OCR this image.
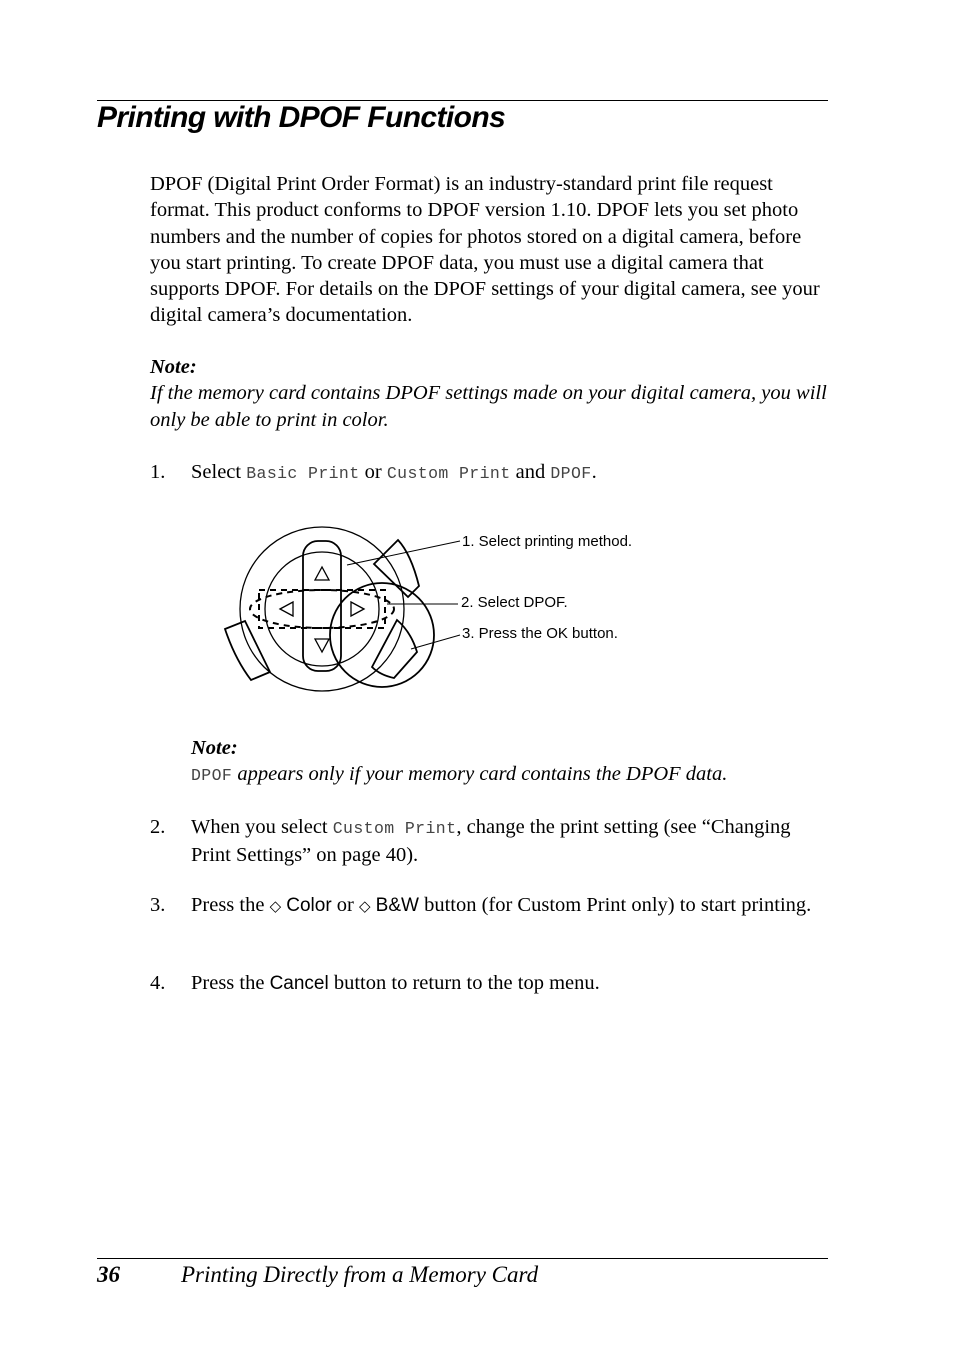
Printing with DPOF Functions

DPOF (Digital Print Order Format) is an industry-standard print file request format. This product conforms to DPOF version 1.10. DPOF lets you set photo numbers and the number of copies for photos stored on a digital camera, before you start printing. To create DPOF data, you must use a digital camera that supports DPOF. For details on the DPOF settings of your digital camera, see your digital camera’s documentation.

Note:
If the memory card contains DPOF settings made on your digital camera, you will only be able to print in color.
1. Select Basic Print or Custom Print and DPOF.
1. Select printing method.
2. Select DPOF.
3. Press the OK button.
Note:
DPOF appears only if your memory card contains the DPOF data.
2. When you select Custom Print, change the print setting (see “Changing Print Settings” on page 40).
3. Press the ◇ Color or ◇ B&W button (for Custom Print only) to start printing.
4. Press the Cancel button to return to the top menu.
36	Printing Directly from a Memory Card
